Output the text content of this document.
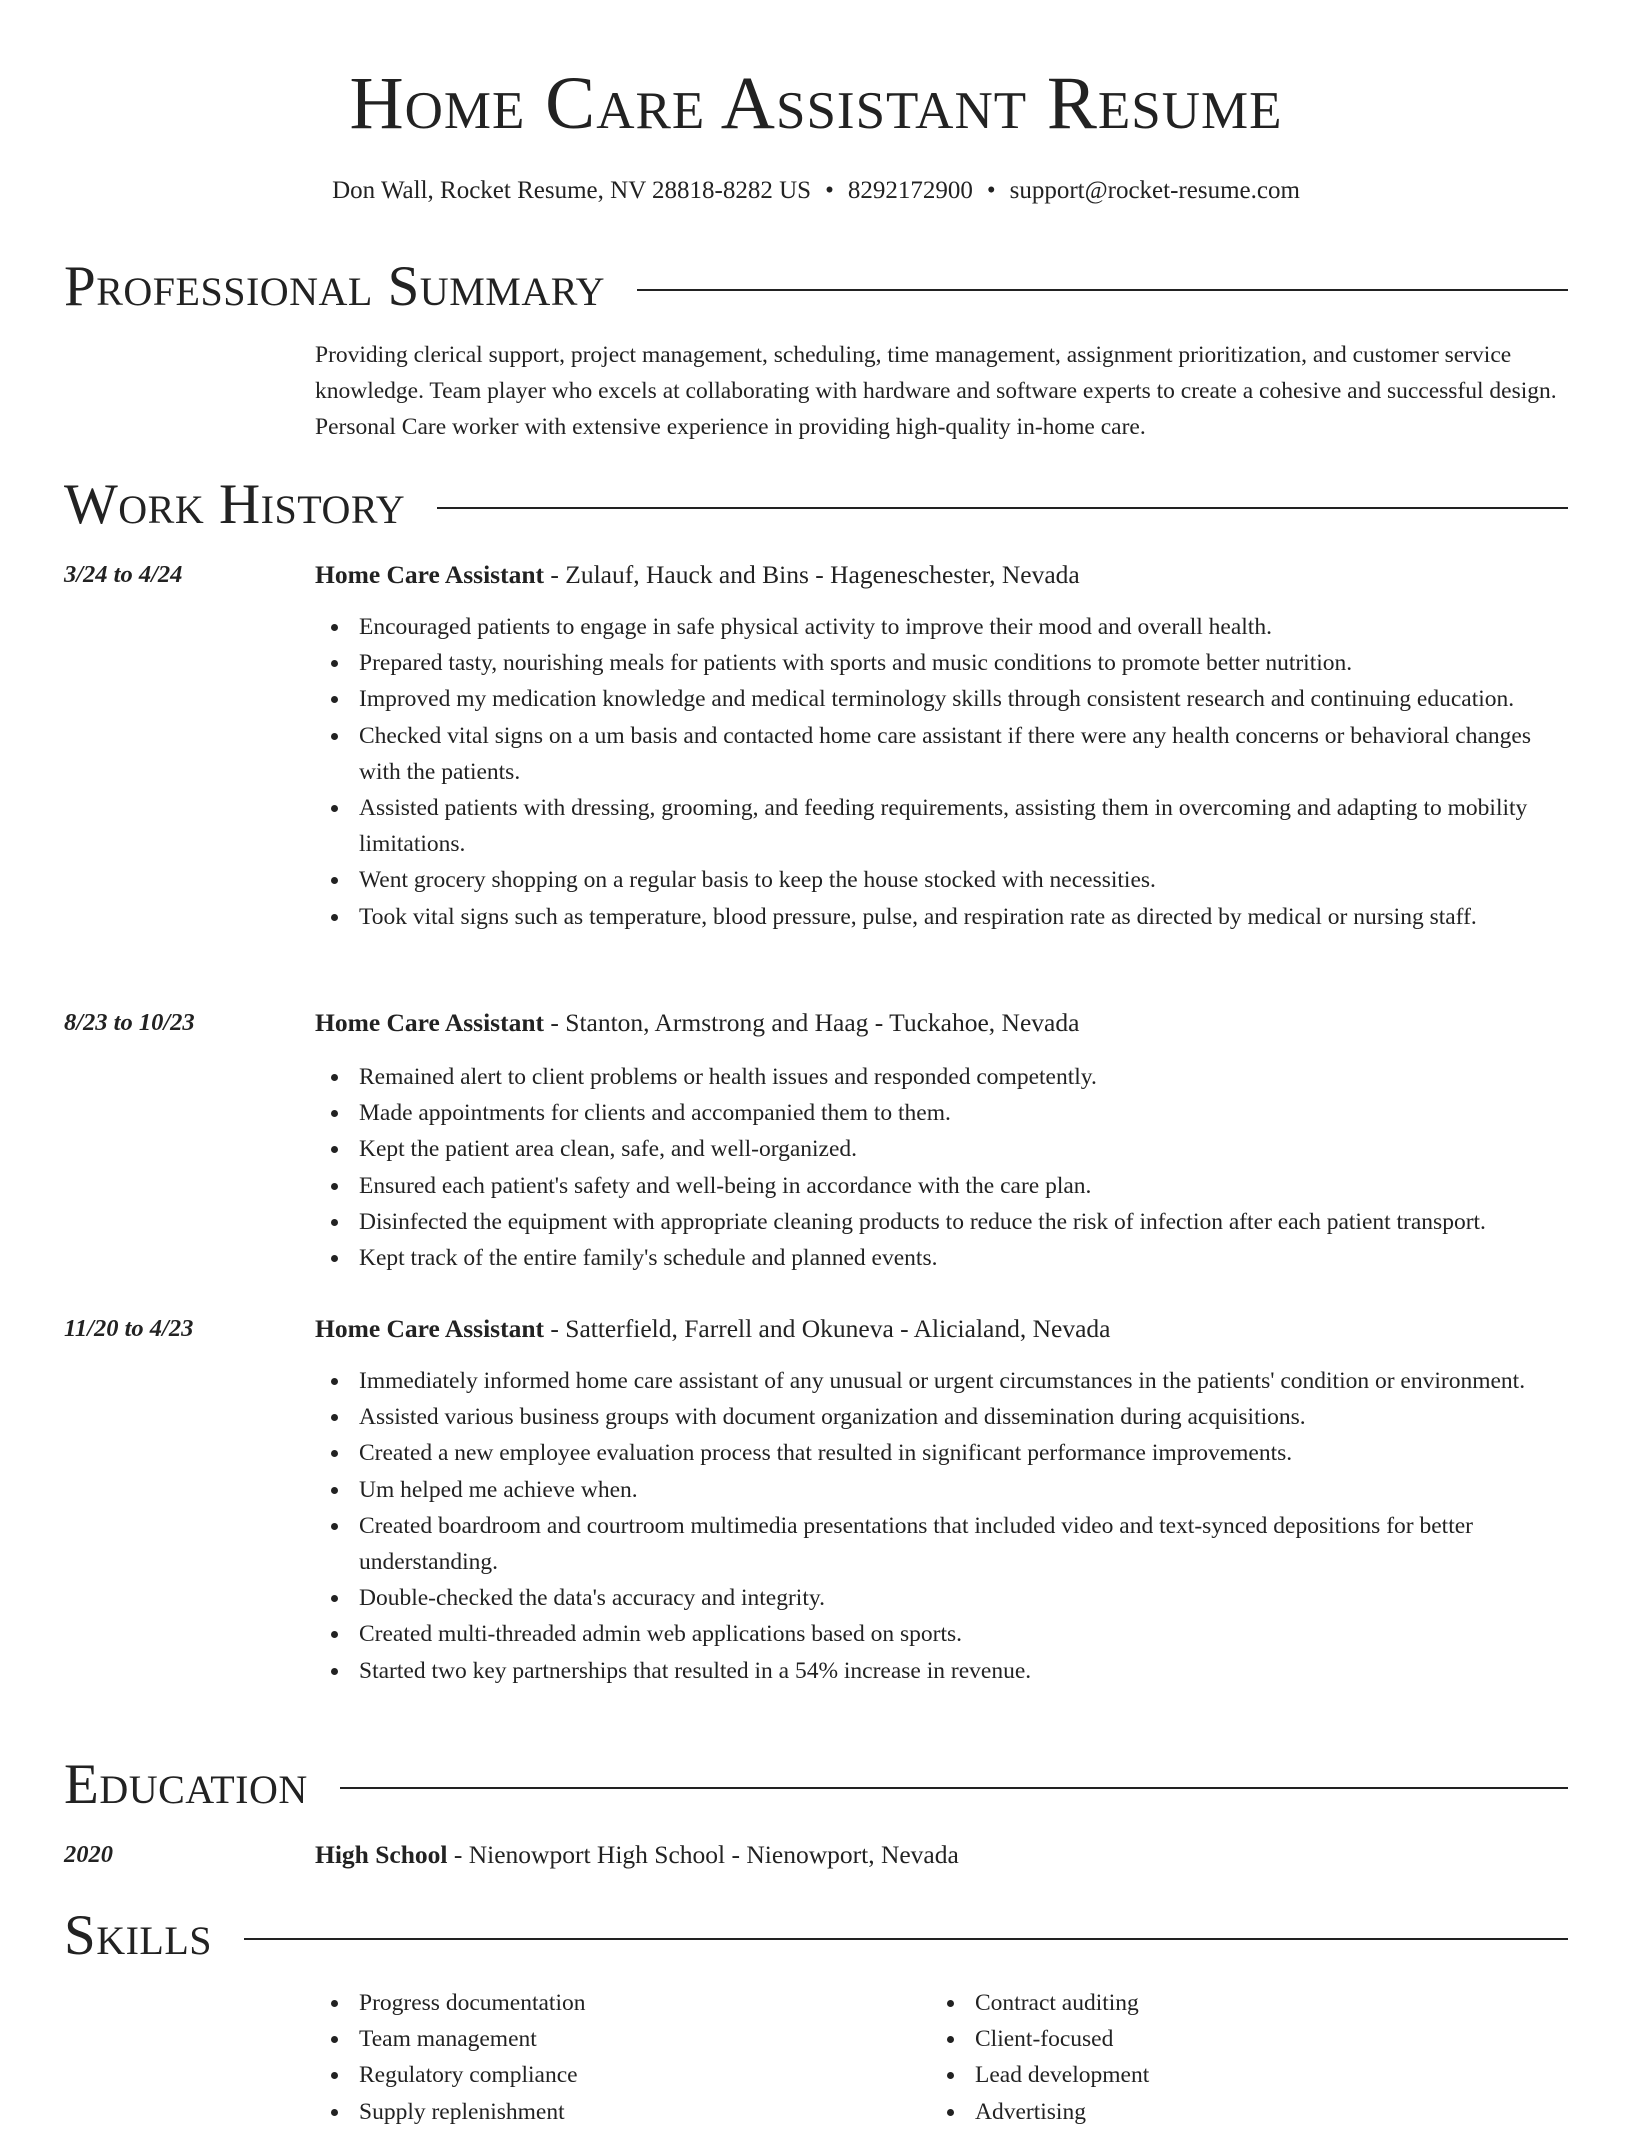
Home Care Assistant Resume
Don Wall, Rocket Resume, NV 28818-8282 US • 8292172900 • support@rocket-resume.com
Professional Summary

Providing clerical support, project management, scheduling, time management, assignment prioritization, and customer service knowledge. Team player who excels at collaborating with hardware and software experts to create a cohesive and successful design. Personal Care worker with extensive experience in providing high-quality in-home care.

Work History
3/24 to 4/24	Home Care Assistant - Zulauf, Hauck and Bins - Hageneschester, Nevada
Encouraged patients to engage in safe physical activity to improve their mood and overall health.
Prepared tasty, nourishing meals for patients with sports and music conditions to promote better nutrition.
Improved my medication knowledge and medical terminology skills through consistent research and continuing education.
Checked vital signs on a um basis and contacted home care assistant if there were any health concerns or behavioral changes with the patients.
Assisted patients with dressing, grooming, and feeding requirements, assisting them in overcoming and adapting to mobility limitations.
Went grocery shopping on a regular basis to keep the house stocked with necessities.
Took vital signs such as temperature, blood pressure, pulse, and respiration rate as directed by medical or nursing staff.
8/23 to 10/23	Home Care Assistant - Stanton, Armstrong and Haag - Tuckahoe, Nevada
Remained alert to client problems or health issues and responded competently.
Made appointments for clients and accompanied them to them.
Kept the patient area clean, safe, and well-organized.
Ensured each patient's safety and well-being in accordance with the care plan.
Disinfected the equipment with appropriate cleaning products to reduce the risk of infection after each patient transport.
Kept track of the entire family's schedule and planned events.
11/20 to 4/23	Home Care Assistant - Satterfield, Farrell and Okuneva - Alicialand, Nevada
Immediately informed home care assistant of any unusual or urgent circumstances in the patients' condition or environment.
Assisted various business groups with document organization and dissemination during acquisitions.
Created a new employee evaluation process that resulted in significant performance improvements.
Um helped me achieve when.
Created boardroom and courtroom multimedia presentations that included video and text-synced depositions for better understanding.
Double-checked the data's accuracy and integrity.
Created multi-threaded admin web applications based on sports.
Started two key partnerships that resulted in a 54% increase in revenue.
Education
2020	High School - Nienowport High School - Nienowport, Nevada
Skills
Progress documentation
Team management
Regulatory compliance
Supply replenishment
Contract auditing
Client-focused
Lead development
Advertising
